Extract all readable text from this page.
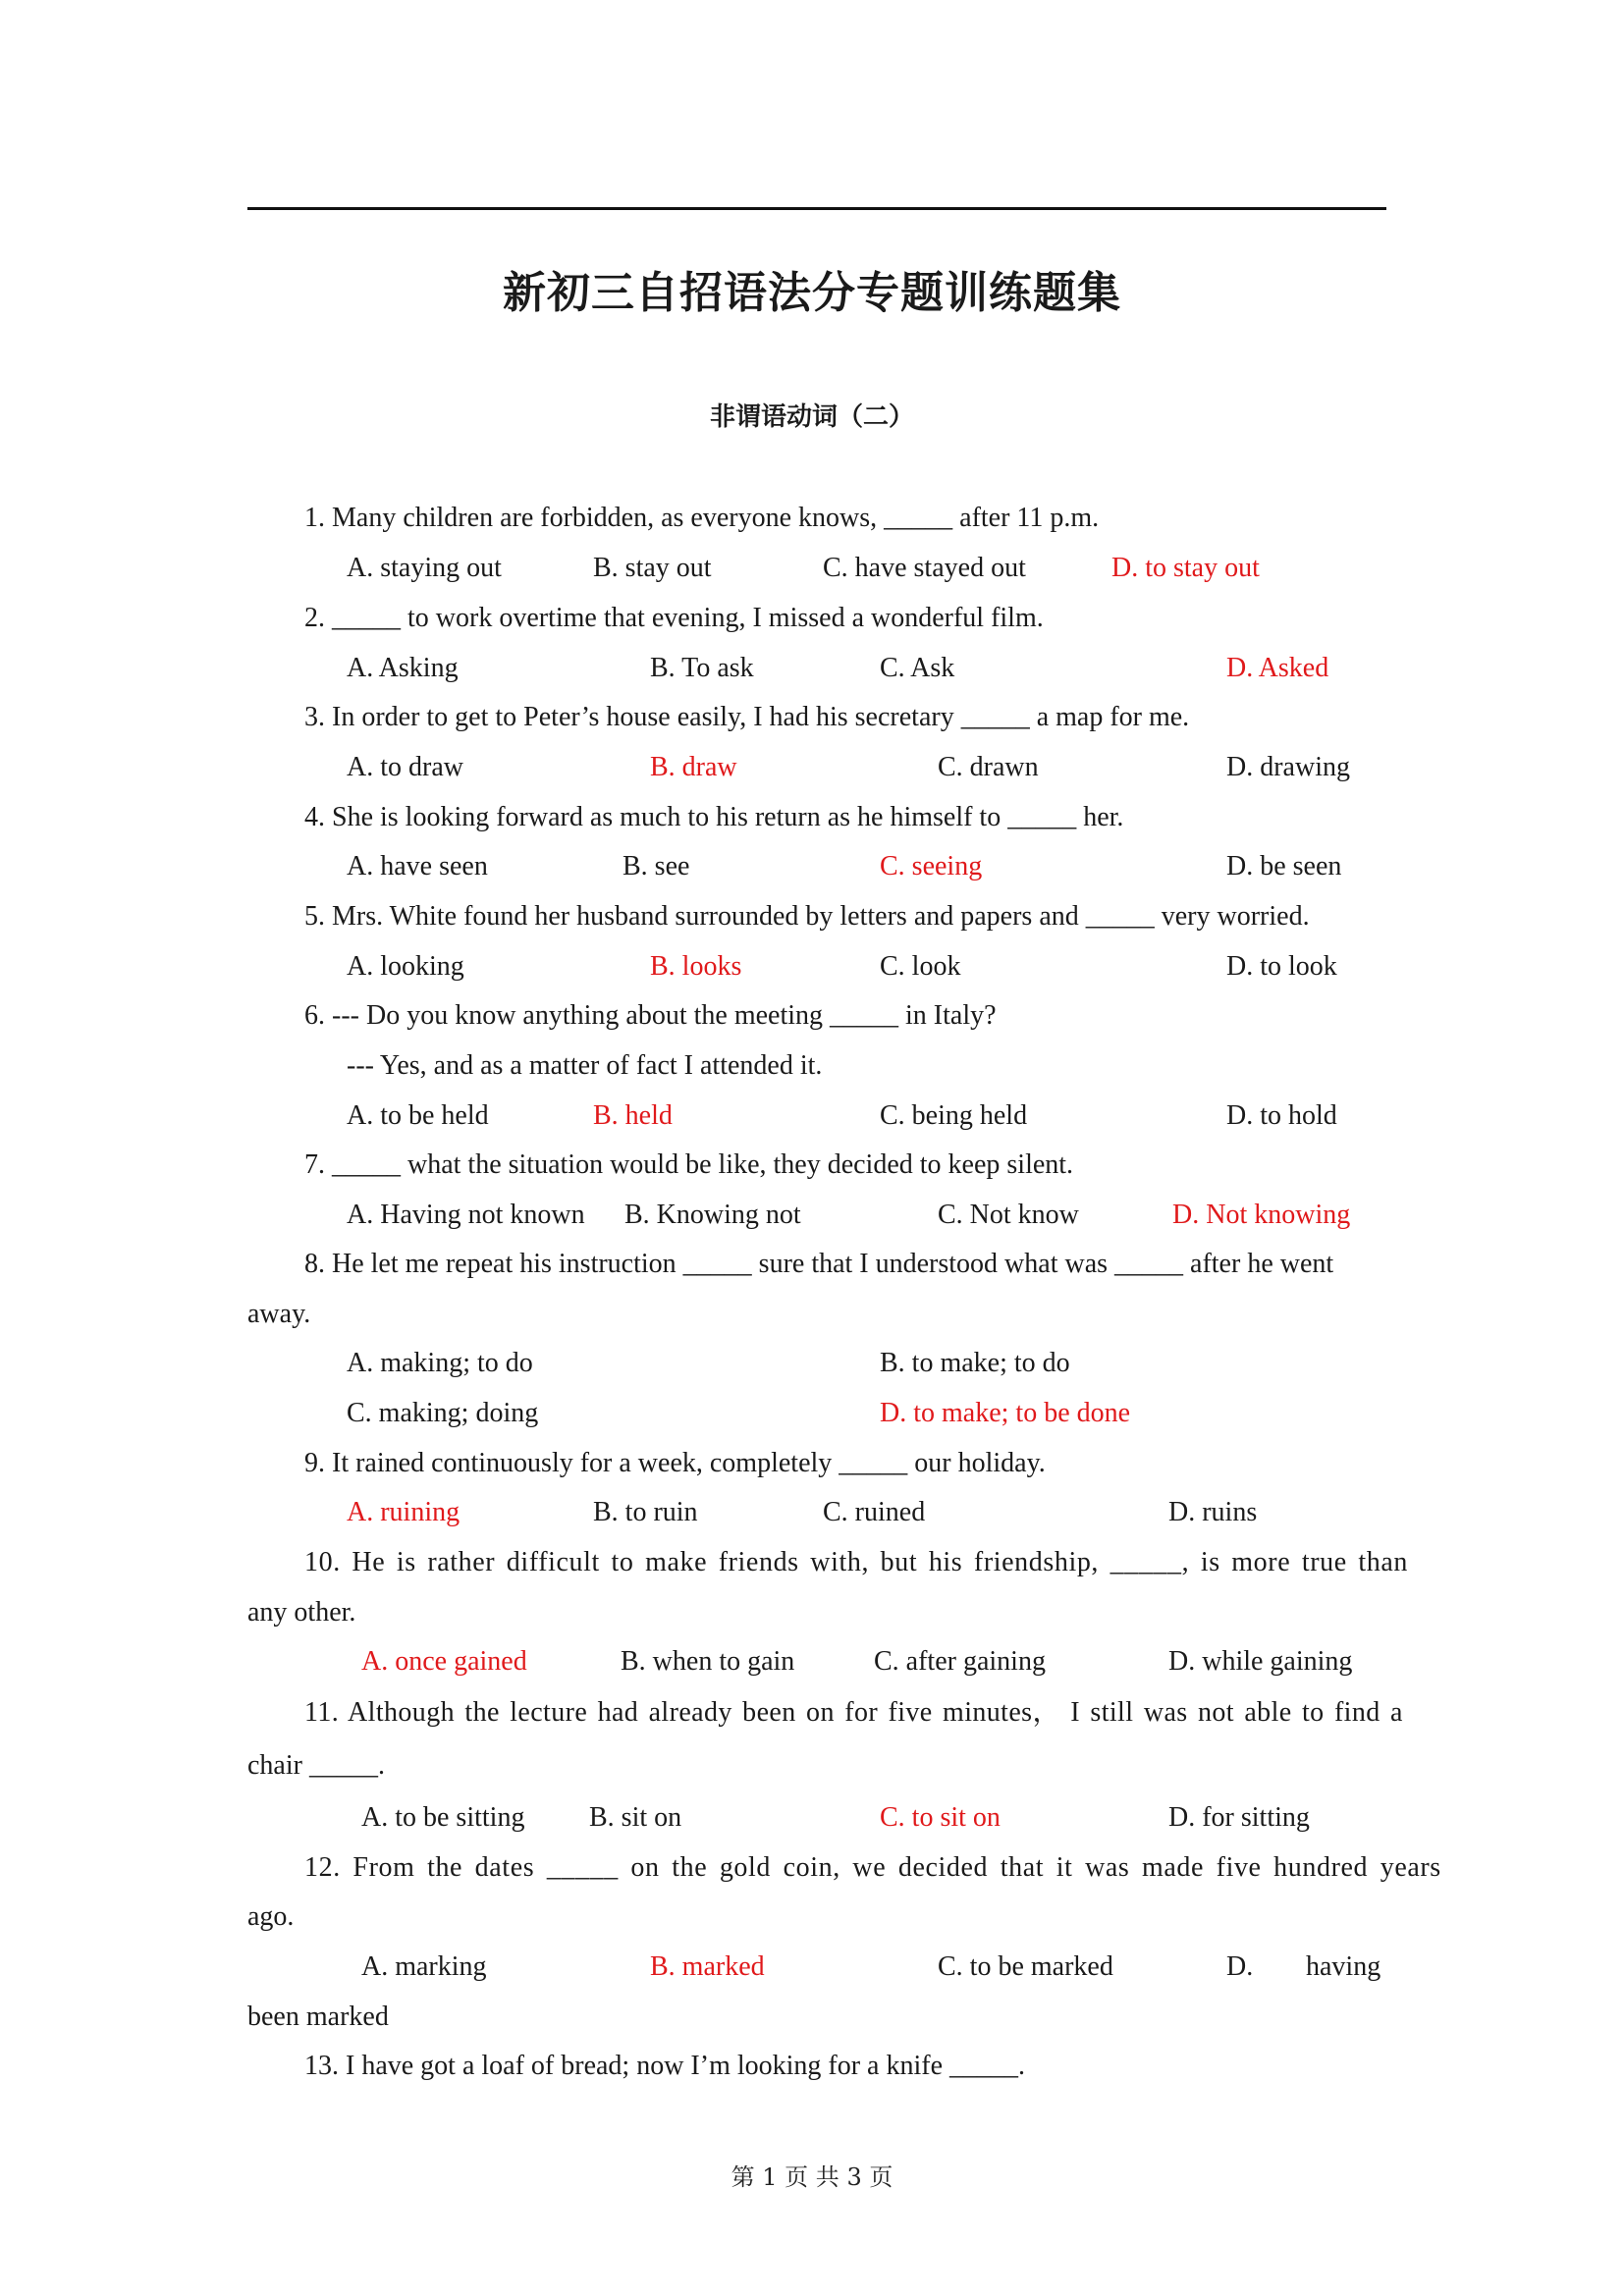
新初三自招语法分专题训练题集
非谓语动词（二）
1. Many children are forbidden, as everyone knows, _____ after 11 p.m.
A. staying out	B. stay out	C. have stayed out	D. to stay out
2. _____ to work overtime that evening, I missed a wonderful film.
A. Asking	B. To ask	C. Ask	D. Asked
3. In order to get to Peter’s house easily, I had his secretary _____ a map for me.
A. to draw	B. draw	C. drawn	D. drawing
4. She is looking forward as much to his return as he himself to _____ her.
A. have seen	B. see	C. seeing	D. be seen
5. Mrs. White found her husband surrounded by letters and papers and _____ very worried.
A. looking	B. looks	C. look	D. to look
6. --- Do you know anything about the meeting _____ in Italy?
--- Yes, and as a matter of fact I attended it.
A. to be held	B. held	C. being held	D. to hold
7. _____ what the situation would be like, they decided to keep silent.
A. Having not known B. Knowing not	C. Not know	D. Not knowing
8. He let me repeat his instruction _____ sure that I understood what was _____ after he went
away.
A. making; to do	B. to make; to do
C. making; doing	D. to make; to be done
9. It rained continuously for a week, completely _____ our holiday.
A. ruining	B. to ruin	C. ruined	D. ruins
10. He is rather difficult to make friends with, but his friendship, _____, is more true than
any other.
A. once gained	B. when to gain	C. after gaining	D. while gaining
11. Although the lecture had already been on for five minutes， I still was not able to find a
chair _____.
A. to be sitting B. sit on	C. to sit on	D. for sitting
12. From the dates _____ on the gold coin, we decided that it was made five hundred years
ago.
A. marking	B. marked	C. to be marked	D. having
been marked
13. I have got a loaf of bread; now I’m looking for a knife _____.
第 1 页 共 3 页
